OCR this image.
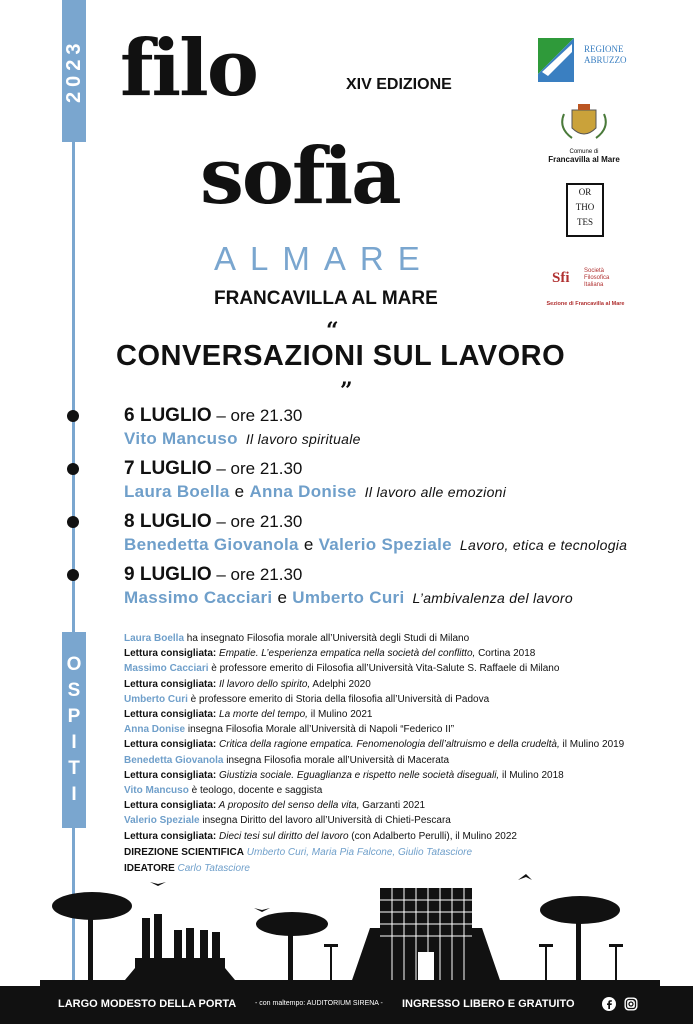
2023
O
S
P
I
T
I
filo
sofia
XIV EDIZIONE
ALMARE
FRANCAVILLA AL MARE
“
CONVERSAZIONI SUL LAVORO
”
6 LUGLIO – ore 21.30
Vito Mancuso Il lavoro spirituale
7 LUGLIO – ore 21.30
Laura Boella e Anna Donise Il lavoro alle emozioni
8 LUGLIO – ore 21.30
Benedetta Giovanola e Valerio Speziale Lavoro, etica e tecnologia
9 LUGLIO – ore 21.30
Massimo Cacciari e Umberto Curi L’ambivalenza del lavoro
Laura Boella ha insegnato Filosofia morale all’Università degli Studi di Milano
Lettura consigliata: Empatie. L’esperienza empatica nella società del conflitto, Cortina 2018
Massimo Cacciari è professore emerito di Filosofia all’Università Vita-Salute S. Raffaele di Milano
Lettura consigliata: Il lavoro dello spirito, Adelphi 2020
Umberto Curi è professore emerito di Storia della filosofia all’Università di Padova
Lettura consigliata: La morte del tempo, il Mulino 2021
Anna Donise insegna Filosofia Morale all’Università di Napoli “Federico II”
Lettura consigliata: Critica della ragione empatica. Fenomenologia dell’altruismo e della crudeltà, il Mulino 2019
Benedetta Giovanola insegna Filosofia morale all’Università di Macerata
Lettura consigliata: Giustizia sociale. Eguaglianza e rispetto nelle società diseguali, il Mulino 2018
Vito Mancuso è teologo, docente e saggista
Lettura consigliata: A proposito del senso della vita, Garzanti 2021
Valerio Speziale insegna Diritto del lavoro all’Università di Chieti-Pescara
Lettura consigliata: Dieci tesi sul diritto del lavoro (con Adalberto Perulli), il Mulino 2022
DIREZIONE SCIENTIFICA Umberto Curi, Maria Pia Falcone, Giulio Tatasciore
IDEATORE Carlo Tatasciore
REGIONE
ABRUZZO
Comune di
Francavilla al Mare
OR
THO
TES
Sfi Società
Filosofica
Italiana
Sezione di Francavilla al Mare
LARGO MODESTO DELLA PORTA	- con maltempo: AUDITORIUM SIRENA - INGRESSO LIBERO E GRATUITO
